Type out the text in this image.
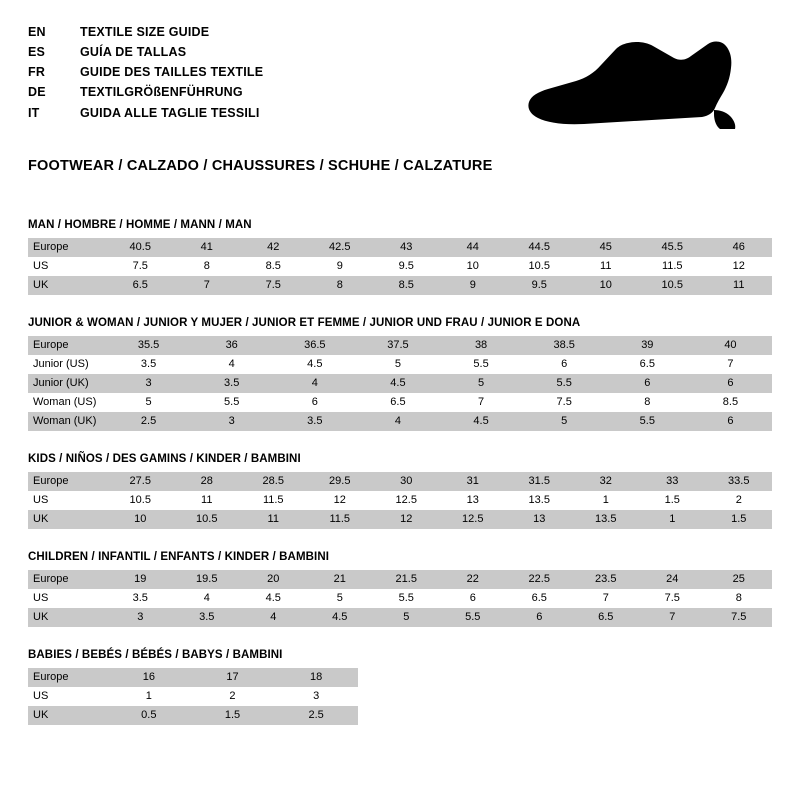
EN	TEXTILE SIZE GUIDE
ES	GUÍA DE TALLAS
FR	GUIDE DES TAILLES TEXTILE
DE	TEXTILGRÖßENFÜHRUNG
IT	GUIDA ALLE TAGLIE TESSILI
FOOTWEAR / CALZADO / CHAUSSURES / SCHUHE / CALZATURE
MAN / HOMBRE / HOMME / MANN / MAN
Europe	40.5	41	42	42.5	43	44	44.5	45	45.5	46
US	7.5	8	8.5	9	9.5	10	10.5	11	11.5	12
UK	6.5	7	7.5	8	8.5	9	9.5	10	10.5	11
JUNIOR & WOMAN / JUNIOR Y MUJER / JUNIOR ET FEMME / JUNIOR UND FRAU / JUNIOR E DONA
Europe	35.5	36	36.5	37.5	38	38.5	39	40
Junior (US)	3.5	4	4.5	5	5.5	6	6.5	7
Junior (UK)	3	3.5	4	4.5	5	5.5	6	6
Woman (US)	5	5.5	6	6.5	7	7.5	8	8.5
Woman (UK)	2.5	3	3.5	4	4.5	5	5.5	6
KIDS / NIÑOS / DES GAMINS / KINDER / BAMBINI
Europe	27.5	28	28.5	29.5	30	31	31.5	32	33	33.5
US	10.5	11	11.5	12	12.5	13	13.5	1	1.5	2
UK	10	10.5	11	11.5	12	12.5	13	13.5	1	1.5
CHILDREN / INFANTIL / ENFANTS / KINDER / BAMBINI
Europe	19	19.5	20	21	21.5	22	22.5	23.5	24	25
US	3.5	4	4.5	5	5.5	6	6.5	7	7.5	8
UK	3	3.5	4	4.5	5	5.5	6	6.5	7	7.5
BABIES / BEBÉS / BÉBÉS / BABYS / BAMBINI
Europe	16	17	18
US	1	2	3
UK	0.5	1.5	2.5
